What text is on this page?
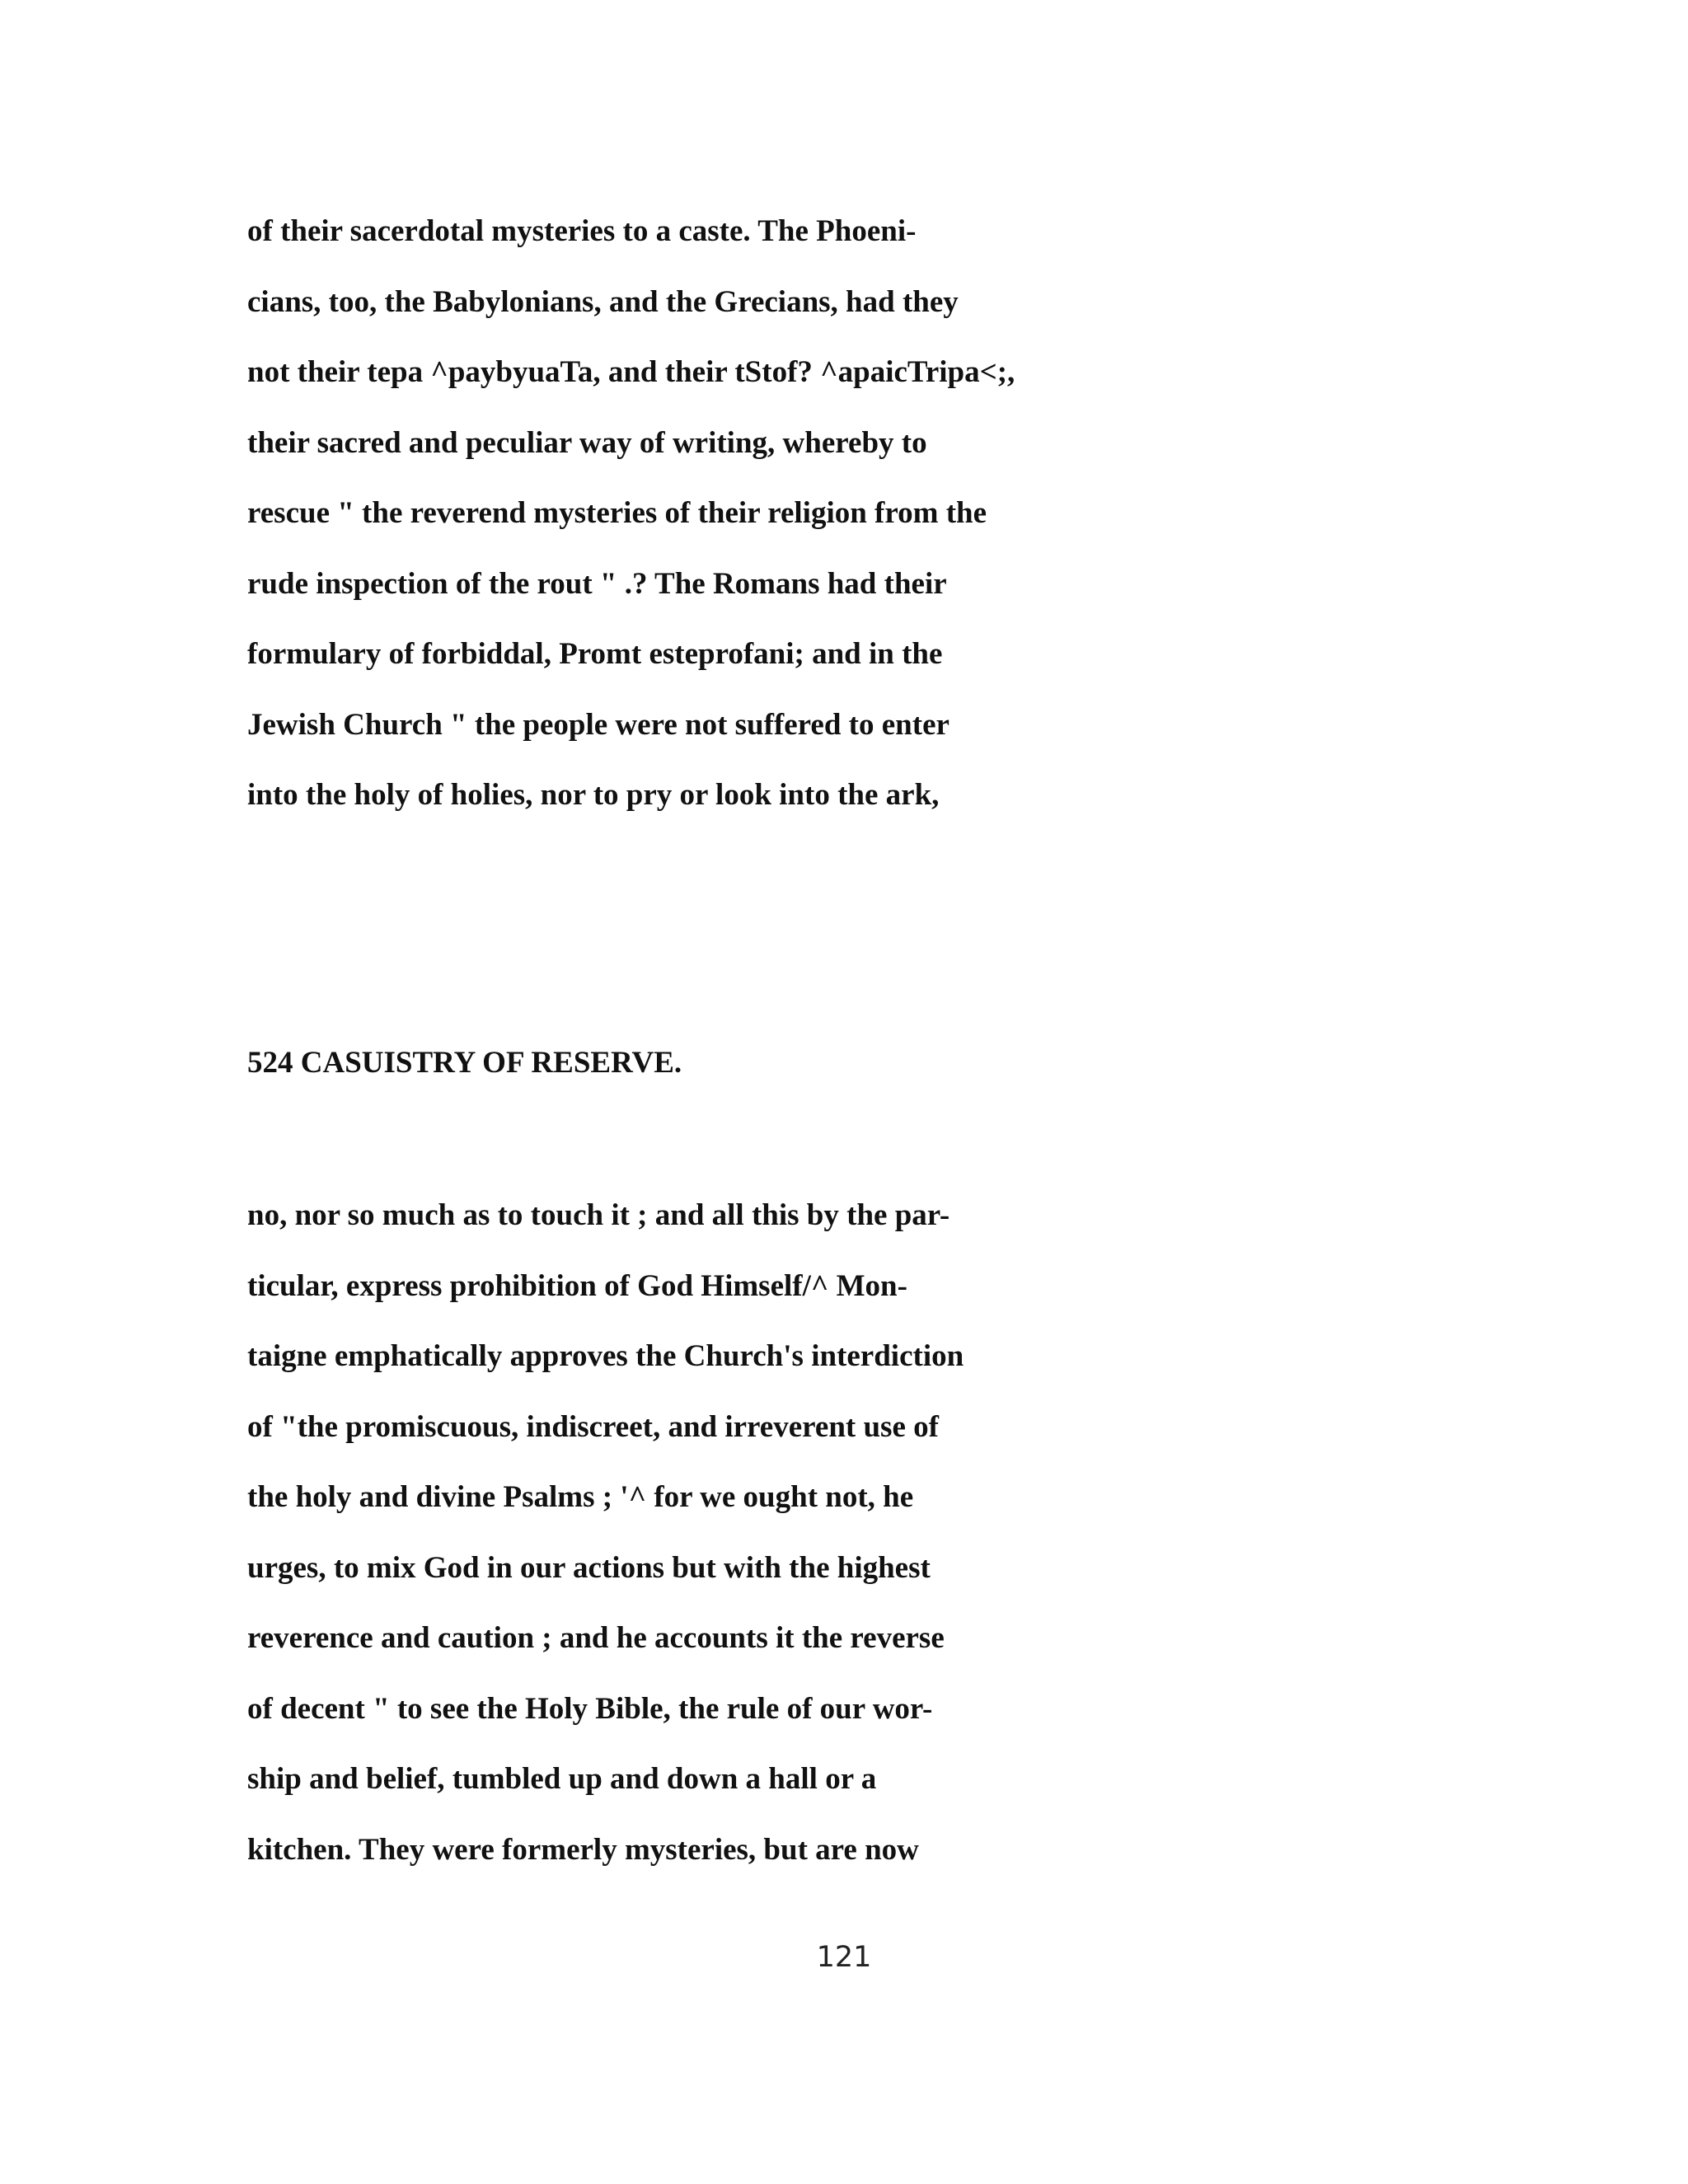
of their sacerdotal mysteries to a caste. The Phoeni-

cians, too, the Babylonians, and the Grecians, had they

not their tepa ^paybyuaTa, and their tStof? ^apaicTripa<;,

their sacred and peculiar way of writing, whereby to

rescue " the reverend mysteries of their religion from the

rude inspection of the rout " .? The Romans had their

formulary of forbiddal, Promt esteprofani; and in the

Jewish Church " the people were not suffered to enter

into the holy of holies, nor to pry or look into the ark,

524 CASUISTRY OF RESERVE.

no, nor so much as to touch it ; and all this by the par-

ticular, express prohibition of God Himself/^ Mon-

taigne emphatically approves the Church's interdiction

of "the promiscuous, indiscreet, and irreverent use of

the holy and divine Psalms ; '^ for we ought not, he

urges, to mix God in our actions but with the highest

reverence and caution ; and he accounts it the reverse

of decent " to see the Holy Bible, the rule of our wor-

ship and belief, tumbled up and down a hall or a

kitchen. They were formerly mysteries, but are now

121
